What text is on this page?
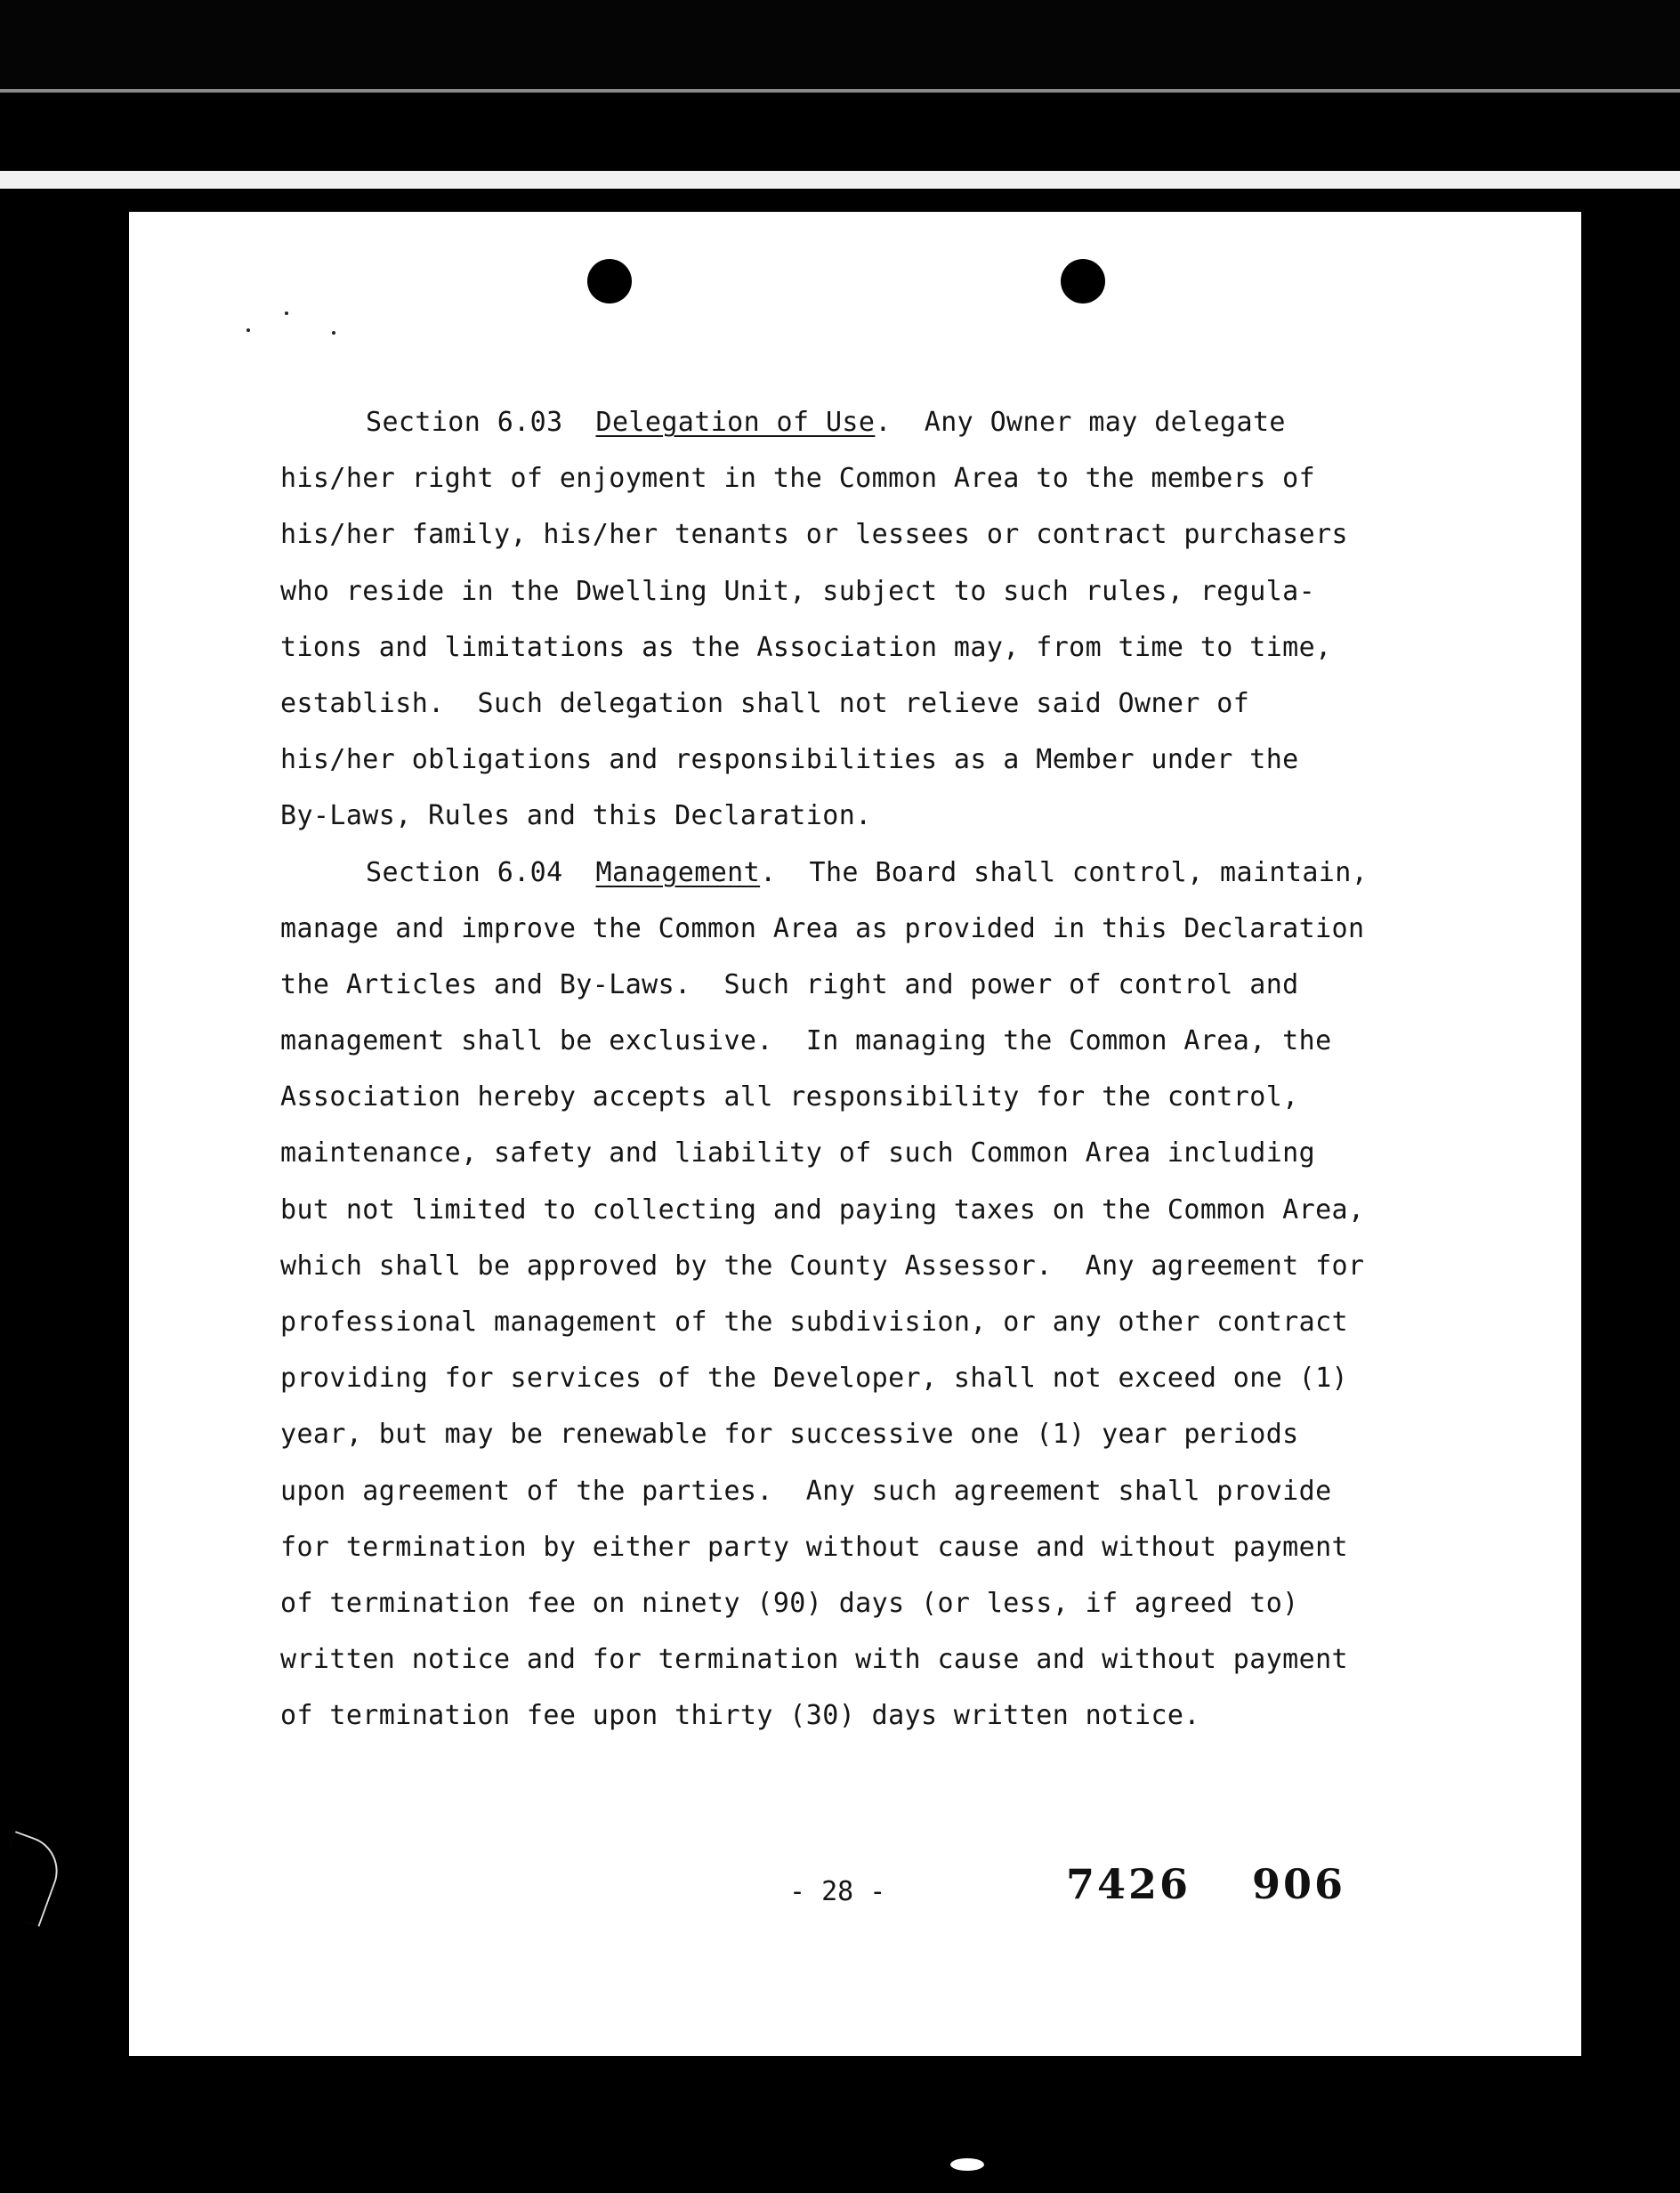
Section 6.03 Delegation of Use.  Any Owner may delegate
his/her right of enjoyment in the Common Area to the members of
his/her family, his/her tenants or lessees or contract purchasers
who reside in the Dwelling Unit, subject to such rules, regula-
tions and limitations as the Association may, from time to time,
establish.  Such delegation shall not relieve said Owner of
his/her obligations and responsibilities as a Member under the
By-Laws, Rules and this Declaration.
Section 6.04 Management.  The Board shall control, maintain,
manage and improve the Common Area as provided in this Declaration
the Articles and By-Laws.  Such right and power of control and
management shall be exclusive.  In managing the Common Area, the
Association hereby accepts all responsibility for the control,
maintenance, safety and liability of such Common Area including
but not limited to collecting and paying taxes on the Common Area,
which shall be approved by the County Assessor.  Any agreement for
professional management of the subdivision, or any other contract
providing for services of the Developer, shall not exceed one (1)
year, but may be renewable for successive one (1) year periods
upon agreement of the parties.  Any such agreement shall provide
for termination by either party without cause and without payment
of termination fee on ninety (90) days (or less, if agreed to)
written notice and for termination with cause and without payment
of termination fee upon thirty (30) days written notice.
- 28 -	7426 906
